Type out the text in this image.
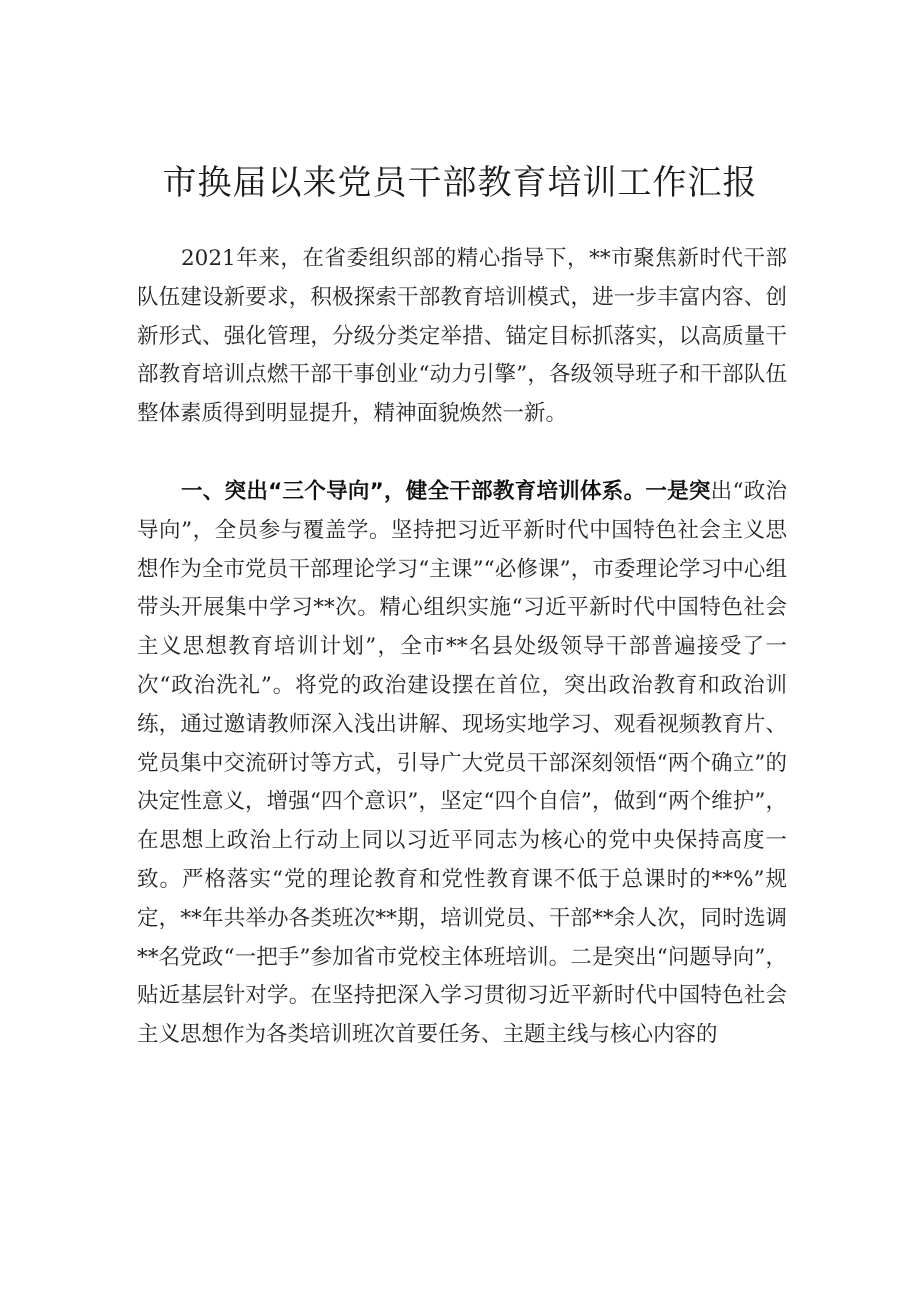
市换届以来党员干部教育培训工作汇报

2021年来，在省委组织部的精心指导下，**市聚焦新时代干部队伍建设新要求，积极探索干部教育培训模式，进一步丰富内容、创新形式、强化管理，分级分类定举措、锚定目标抓落实，以高质量干部教育培训点燃干部干事创业“动力引擎”，各级领导班子和干部队伍整体素质得到明显提升，精神面貌焕然一新。

一、突出“三个导向”，健全干部教育培训体系。一是突出“政治导向”，全员参与覆盖学。坚持把习近平新时代中国特色社会主义思想作为全市党员干部理论学习“主课”“必修课”，市委理论学习中心组带头开展集中学习**次。精心组织实施“习近平新时代中国特色社会主义思想教育培训计划”，全市**名县处级领导干部普遍接受了一次“政治洗礼”。将党的政治建设摆在首位，突出政治教育和政治训练，通过邀请教师深入浅出讲解、现场实地学习、观看视频教育片、党员集中交流研讨等方式，引导广大党员干部深刻领悟“两个确立”的决定性意义，增强“四个意识”，坚定“四个自信”，做到“两个维护”，在思想上政治上行动上同以习近平同志为核心的党中央保持高度一致。严格落实“党的理论教育和党性教育课不低于总课时的**%”规定，**年共举办各类班次**期，培训党员、干部**余人次，同时选调**名党政“一把手”参加省市党校主体班培训。二是突出“问题导向”，贴近基层针对学。在坚持把深入学习贯彻习近平新时代中国特色社会主义思想作为各类培训班次首要任务、主题主线与核心内容的
